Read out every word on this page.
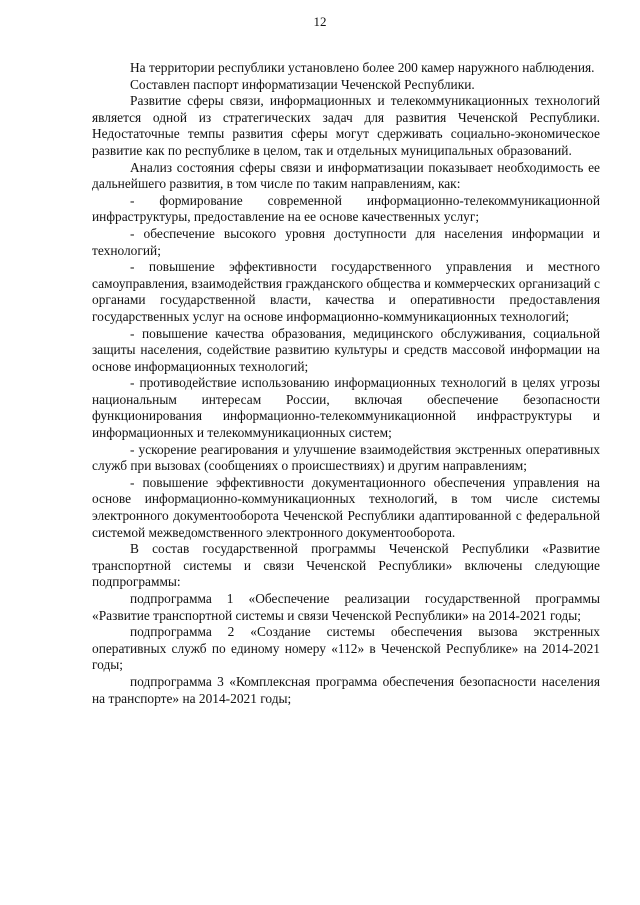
12

На территории республики установлено более 200 камер наружного наблюдения.

Составлен паспорт информатизации Чеченской Республики.

Развитие сферы связи, информационных и телекоммуникационных технологий является одной из стратегических задач для развития Чеченской Республики. Недостаточные темпы развития сферы могут сдерживать социально-экономическое развитие как по республике в целом, так и отдельных муниципальных образований.

Анализ состояния сферы связи и информатизации показывает необходимость ее дальнейшего развития, в том числе по таким направлениям, как:

- формирование современной информационно-телекоммуникационной инфраструктуры, предоставление на ее основе качественных услуг;

- обеспечение высокого уровня доступности для населения информации и технологий;

- повышение эффективности государственного управления и местного самоуправления, взаимодействия гражданского общества и коммерческих организаций с органами государственной власти, качества и оперативности предоставления государственных услуг на основе информационно-коммуникационных технологий;

- повышение качества образования, медицинского обслуживания, социальной защиты населения, содействие развитию культуры и средств массовой информации на основе информационных технологий;

- противодействие использованию информационных технологий в целях угрозы национальным интересам России, включая обеспечение безопасности функционирования информационно-телекоммуникационной инфраструктуры и информационных и телекоммуникационных систем;

- ускорение реагирования и улучшение взаимодействия экстренных оперативных служб при вызовах (сообщениях о происшествиях) и другим направлениям;

- повышение эффективности документационного обеспечения управления на основе информационно-коммуникационных технологий, в том числе системы электронного документооборота Чеченской Республики адаптированной с федеральной системой межведомственного электронного документооборота.

В состав государственной программы Чеченской Республики «Развитие транспортной системы и связи Чеченской Республики» включены следующие подпрограммы:

подпрограмма 1 «Обеспечение реализации государственной программы «Развитие транспортной системы и связи Чеченской Республики» на 2014-2021 годы;

подпрограмма 2 «Создание системы обеспечения вызова экстренных оперативных служб по единому номеру «112» в Чеченской Республике» на 2014-2021 годы;

подпрограмма 3 «Комплексная программа обеспечения безопасности населения на транспорте» на 2014-2021 годы;
